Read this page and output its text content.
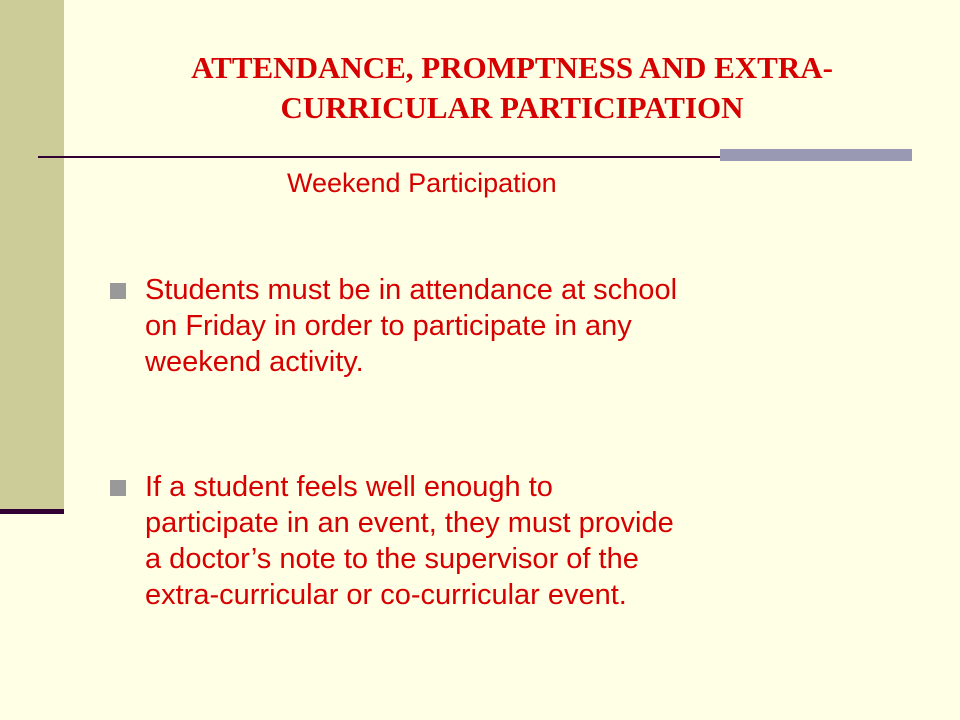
ATTENDANCE, PROMPTNESS AND EXTRA-
CURRICULAR PARTICIPATION
Weekend Participation
Students must be in attendance at school
on Friday in order to participate in any
weekend activity.
If a student feels well enough to
participate in an event, they must provide
a doctor’s note to the supervisor of the
extra-curricular or co-curricular event.
